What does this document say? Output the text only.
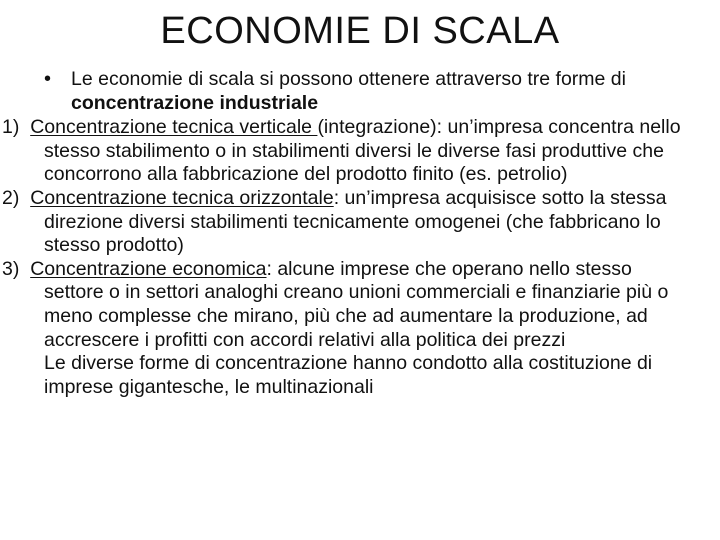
ECONOMIE DI SCALA

• Le economie di scala si possono ottenere attraverso tre forme di concentrazione industriale

1) Concentrazione tecnica verticale (integrazione): un’impresa concentra nello stesso stabilimento o in stabilimenti diversi le diverse fasi produttive che concorrono alla fabbricazione del prodotto finito (es. petrolio)

2) Concentrazione tecnica orizzontale: un’impresa acquisisce sotto la stessa direzione diversi stabilimenti tecnicamente omogenei (che fabbricano lo stesso prodotto)

3) Concentrazione economica: alcune imprese che operano nello stesso settore o in settori analoghi creano unioni commerciali e finanziarie più o meno complesse che mirano, più che ad aumentare la produzione, ad accrescere i profitti con accordi relativi alla politica dei prezzi

Le diverse forme di concentrazione hanno condotto alla costituzione di imprese gigantesche, le multinazionali
